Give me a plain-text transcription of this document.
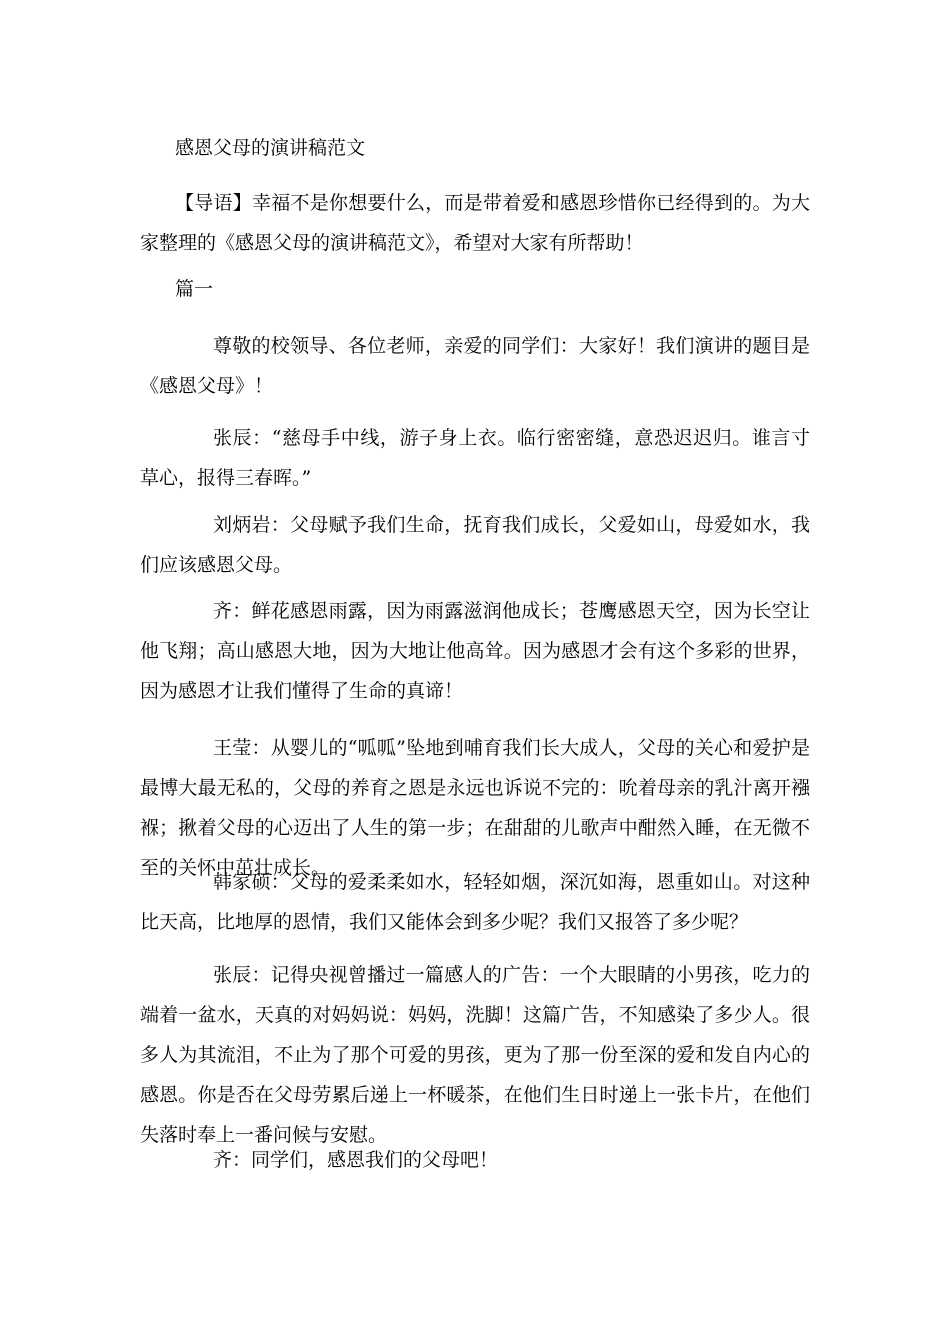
感恩父母的演讲稿范文

【导语】幸福不是你想要什么，而是带着爱和感恩珍惜你已经得到的。为大家整理的《感恩父母的演讲稿范文》，希望对大家有所帮助！

篇一

尊敬的校领导、各位老师，亲爱的同学们：大家好！我们演讲的题目是《感恩父母》！

张辰：“慈母手中线，游子身上衣。临行密密缝，意恐迟迟归。谁言寸草心，报得三春晖。”

刘炳岩：父母赋予我们生命，抚育我们成长，父爱如山，母爱如水，我们应该感恩父母。

齐：鲜花感恩雨露，因为雨露滋润他成长；苍鹰感恩天空，因为长空让他飞翔；高山感恩大地，因为大地让他高耸。因为感恩才会有这个多彩的世界，因为感恩才让我们懂得了生命的真谛！

王莹：从婴儿的“呱呱”坠地到哺育我们长大成人，父母的关心和爱护是最博大最无私的，父母的养育之恩是永远也诉说不完的：吮着母亲的乳汁离开襁褓；揪着父母的心迈出了人生的第一步；在甜甜的儿歌声中酣然入睡，在无微不至的关怀中茁壮成长。

韩家硕：父母的爱柔柔如水，轻轻如烟，深沉如海，恩重如山。对这种比天高，比地厚的恩情，我们又能体会到多少呢？我们又报答了多少呢？

张辰：记得央视曾播过一篇感人的广告：一个大眼睛的小男孩，吃力的端着一盆水，天真的对妈妈说：妈妈，洗脚！这篇广告，不知感染了多少人。很多人为其流泪，不止为了那个可爱的男孩，更为了那一份至深的爱和发自内心的感恩。你是否在父母劳累后递上一杯暖茶，在他们生日时递上一张卡片，在他们失落时奉上一番问候与安慰。

齐：同学们，感恩我们的父母吧！
